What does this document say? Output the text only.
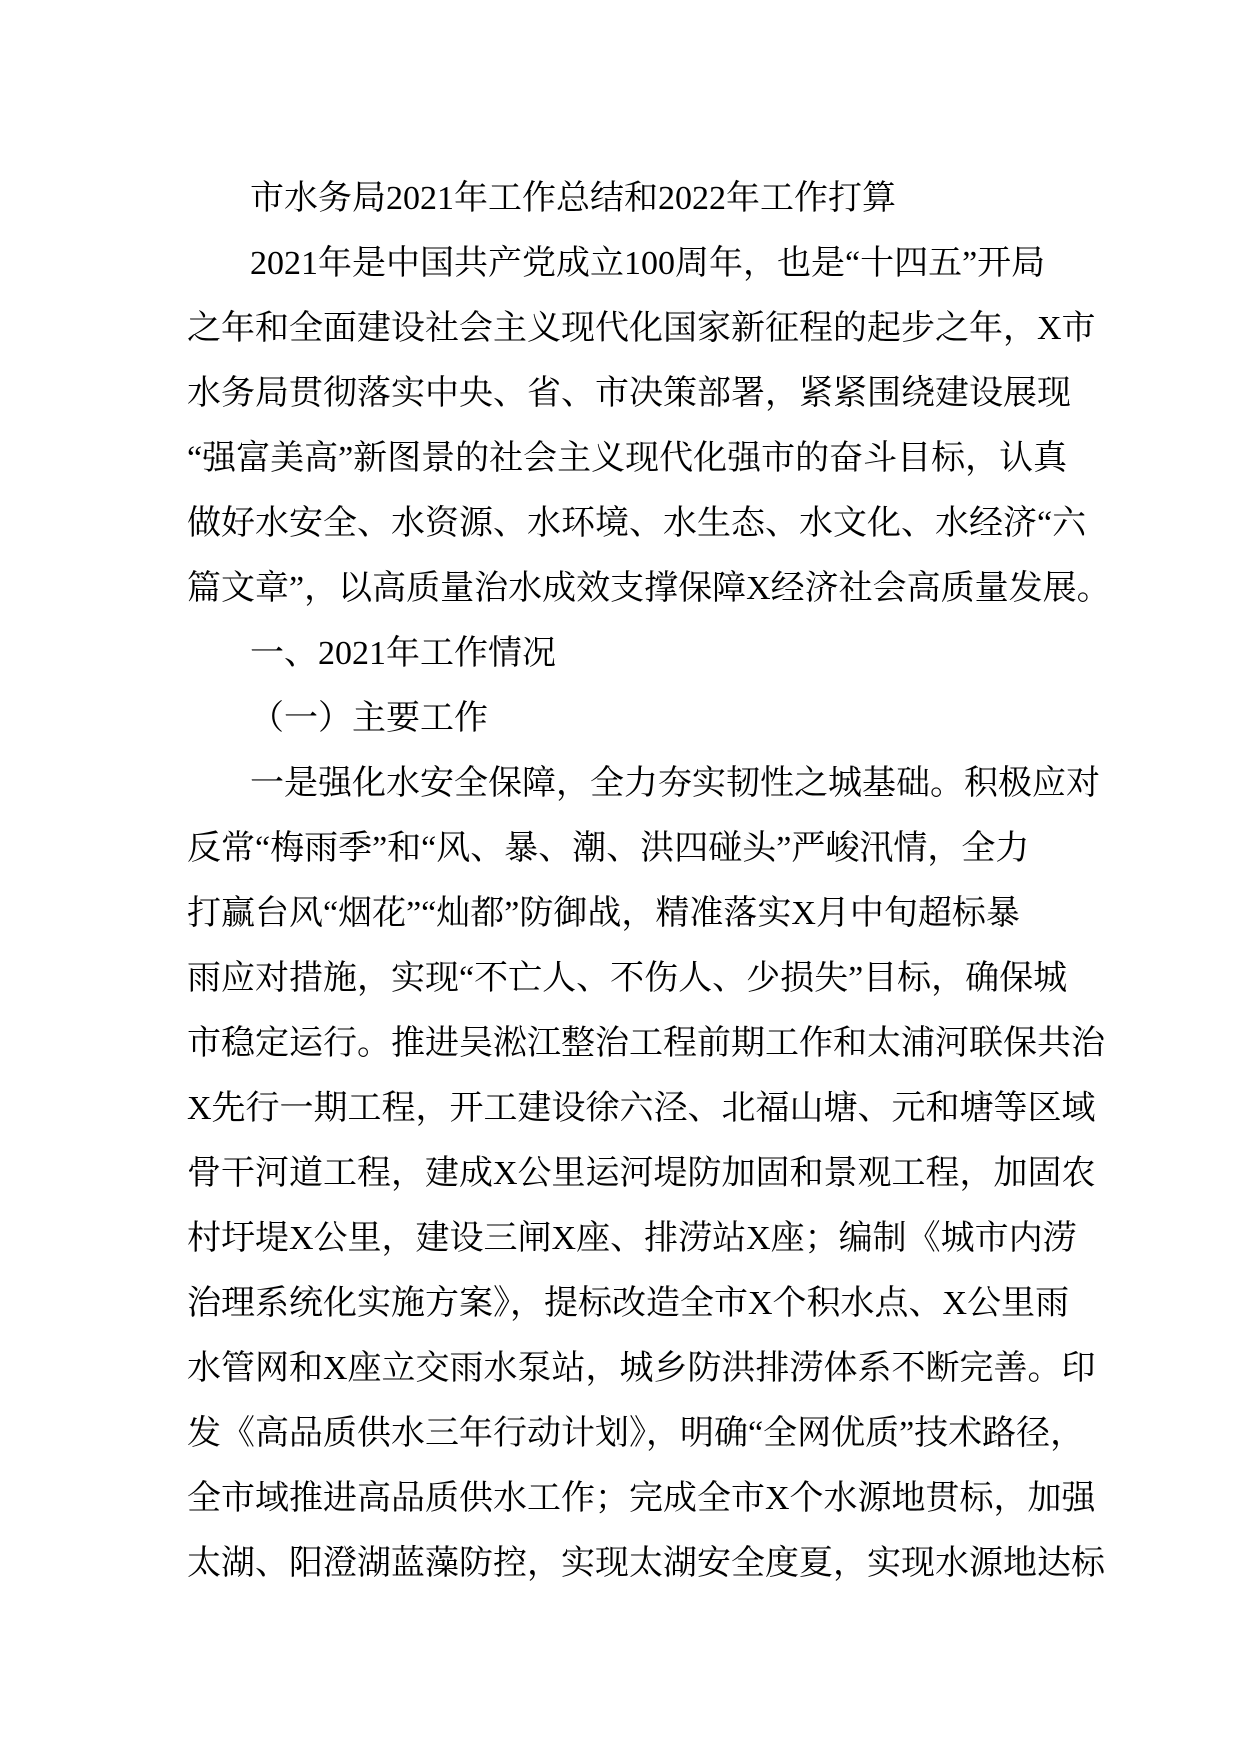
市水务局2021年工作总结和2022年工作打算
2021年是中国共产党成立100周年，也是“十四五”开局
之年和全面建设社会主义现代化国家新征程的起步之年，X市
水务局贯彻落实中央、省、市决策部署，紧紧围绕建设展现
“强富美高”新图景的社会主义现代化强市的奋斗目标，认真
做好水安全、水资源、水环境、水生态、水文化、水经济“六
篇文章”，以高质量治水成效支撑保障X经济社会高质量发展。
一、2021年工作情况
（一）主要工作
一是强化水安全保障，全力夯实韧性之城基础。积极应对
反常“梅雨季”和“风、暴、潮、洪四碰头”严峻汛情，全力
打赢台风“烟花”“灿都”防御战，精准落实X月中旬超标暴
雨应对措施，实现“不亡人、不伤人、少损失”目标，确保城
市稳定运行。推进吴淞江整治工程前期工作和太浦河联保共治
X先行一期工程，开工建设徐六泾、北福山塘、元和塘等区域
骨干河道工程，建成X公里运河堤防加固和景观工程，加固农
村圩堤X公里，建设三闸X座、排涝站X座；编制《城市内涝
治理系统化实施方案》，提标改造全市X个积水点、X公里雨
水管网和X座立交雨水泵站，城乡防洪排涝体系不断完善。印
发《高品质供水三年行动计划》，明确“全网优质”技术路径，
全市域推进高品质供水工作；完成全市X个水源地贯标，加强
太湖、阳澄湖蓝藻防控，实现太湖安全度夏，实现水源地达标
